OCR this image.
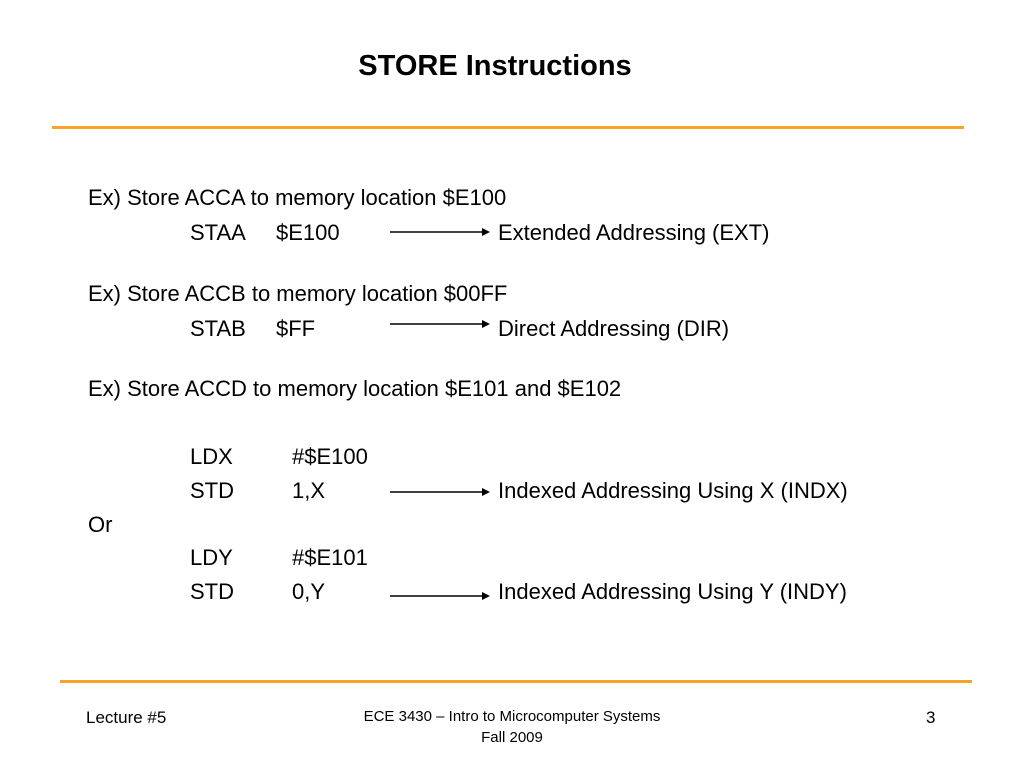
STORE Instructions
Ex) Store ACCA to memory location $E100
STAA $E100	Extended Addressing (EXT)
Ex) Store ACCB to memory location $00FF
STAB $FF	Direct Addressing (DIR)
Ex) Store ACCD to memory location $E101 and $E102
LDX	#$E100
STD	1,X	Indexed Addressing Using X (INDX)
Or
LDY	#$E101
STD	0,Y	Indexed Addressing Using Y (INDY)
Lecture #5	ECE 3430 – Intro to Microcomputer Systems
Fall 2009
3
